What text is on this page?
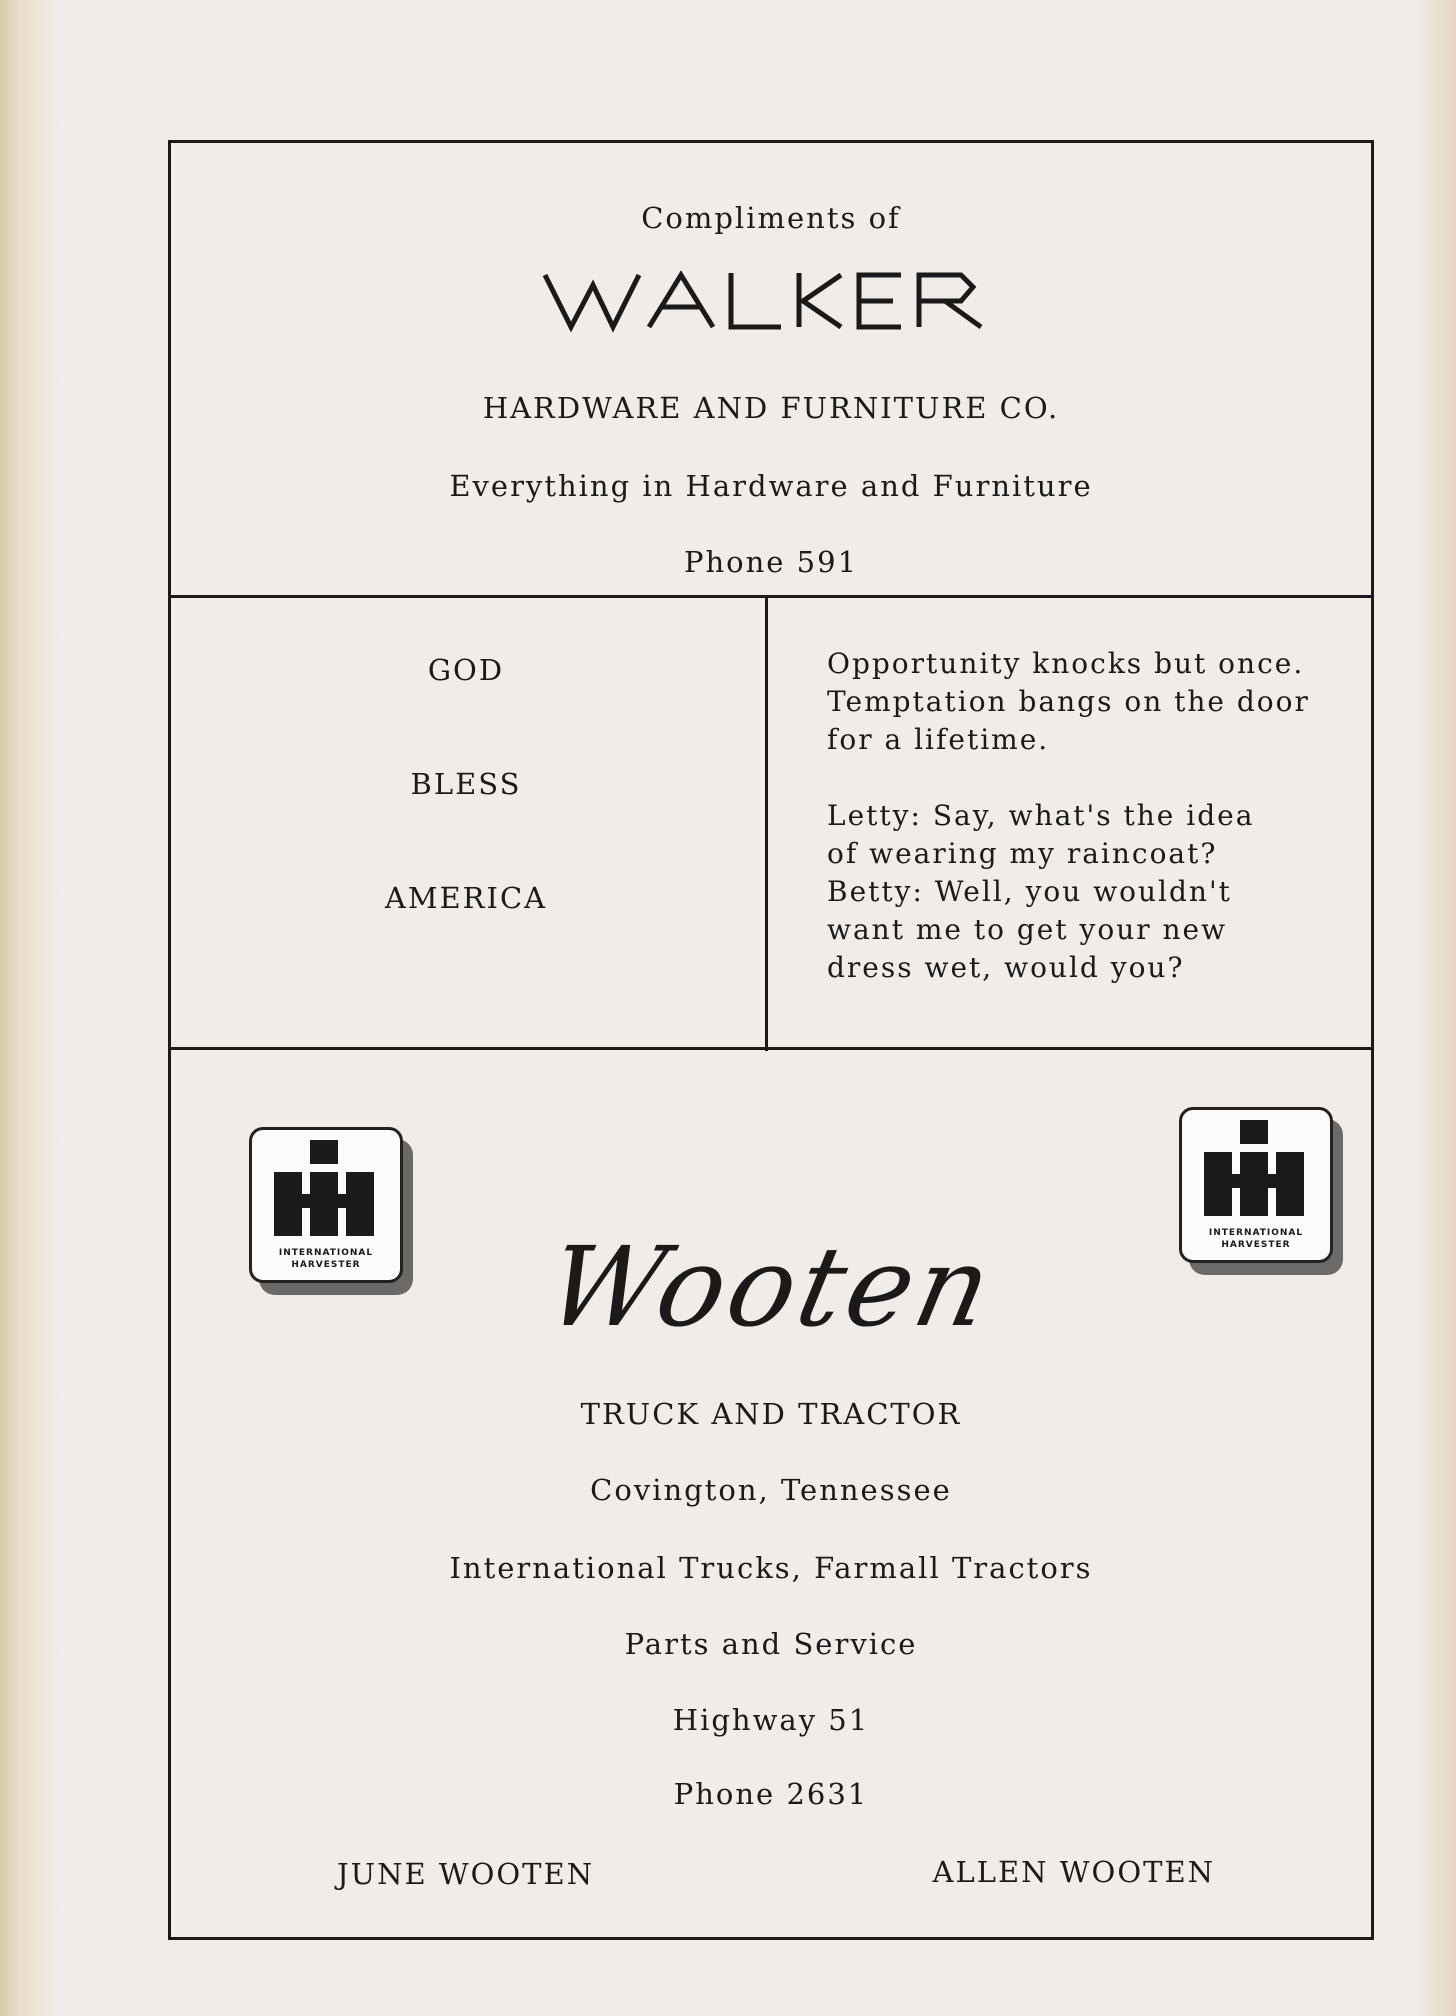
Compliments of

HARDWARE AND FURNITURE CO.

Everything in Hardware and Furniture

Phone 591

GOD
BLESS
AMERICA
Opportunity knocks but once.
Temptation bangs on the door
for a lifetime.
Letty: Say, what's the idea
of wearing my raincoat?
Betty: Well, you wouldn't
want me to get your new
dress wet, would you?
INTERNATIONAL
HARVESTER
INTERNATIONAL
HARVESTER
Wooten

TRUCK AND TRACTOR

Covington, Tennessee

International Trucks, Farmall Tractors

Parts and Service

Highway 51

Phone 2631

JUNE WOOTEN	ALLEN WOOTEN
